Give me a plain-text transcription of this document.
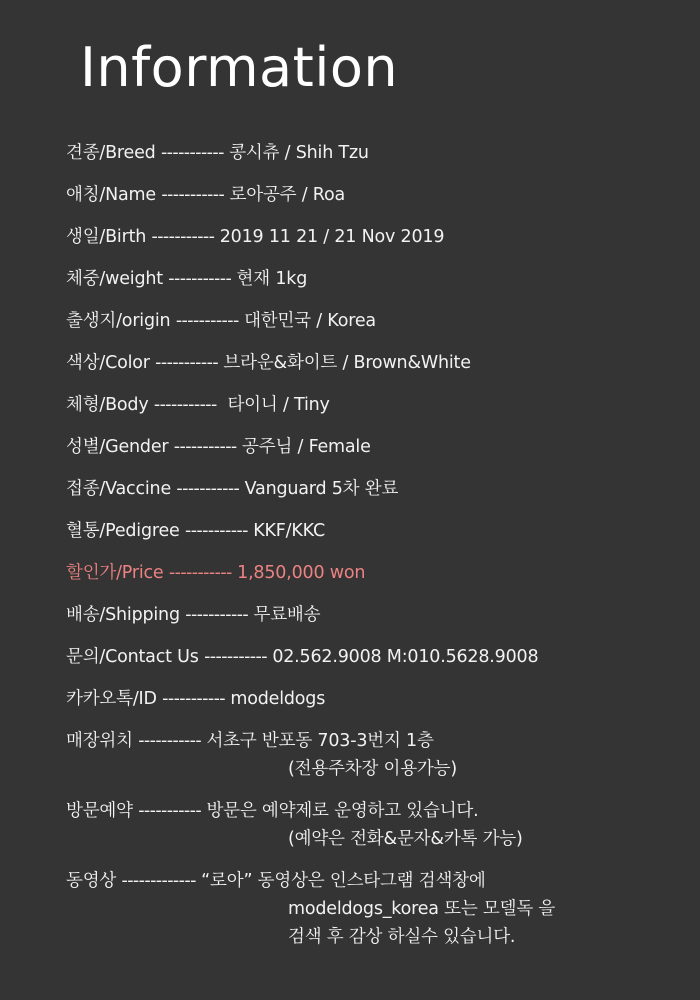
Information
견종/Breed ----------- 콩시츄 / Shih Tzu
애칭/Name ----------- 로아공주 / Roa
생일/Birth ----------- 2019 11 21 / 21 Nov 2019
체중/weight ----------- 현재 1kg
출생지/origin ----------- 대한민국 / Korea
색상/Color ----------- 브라운&화이트 / Brown&White
체형/Body -----------  타이니 / Tiny
성별/Gender ----------- 공주님 / Female
접종/Vaccine ----------- Vanguard 5차 완료
혈통/Pedigree ----------- KKF/KKC
할인가/Price ----------- 1,850,000 won
배송/Shipping ----------- 무료배송
문의/Contact Us ----------- 02.562.9008 M:010.5628.9008
카카오톡/ID ----------- modeldogs
매장위치 ----------- 서초구 반포동 703-3번지 1층
(전용주차장 이용가능)
방문예약 ----------- 방문은 예약제로 운영하고 있습니다.
(예약은 전화&문자&카톡 가능)
동영상 ------------- “로아” 동영상은 인스타그램 검색창에
modeldogs_korea 또는 모델독 을
검색 후 감상 하실수 있습니다.
